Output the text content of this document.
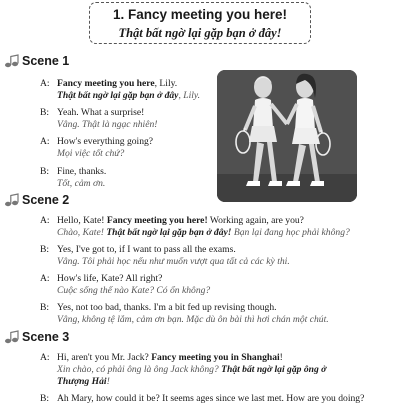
1. Fancy meeting you here!
Thật bất ngờ lại gặp bạn ở đây!
Scene 1
A: Fancy meeting you here, Lily.
Thật bất ngờ lại gặp bạn ở đây, Lily.
B: Yeah. What a surprise!
Vâng. Thật là ngạc nhiên!
A: How's everything going?
Mọi việc tốt chứ?
B: Fine, thanks.
Tốt, cảm ơn.
Scene 2
A: Hello, Kate! Fancy meeting you here! Working again, are you?
Chào, Kate! Thật bất ngờ lại gặp bạn ở đây! Bạn lại đang học phải không?
B: Yes, I've got to, if I want to pass all the exams.
Vâng. Tôi phải học nếu như muốn vượt qua tất cả các kỳ thi.
A: How's life, Kate? All right?
Cuộc sống thế nào Kate? Có ổn không?
B: Yes, not too bad, thanks. I'm a bit fed up revising though.
Vâng, không tệ lắm, cảm ơn bạn. Mặc dù ôn bài thì hơi chán một chút.
Scene 3
A: Hi, aren't you Mr. Jack? Fancy meeting you in Shanghai!
Xin chào, có phải ông là ông Jack không? Thật bất ngờ lại gặp ông ở
Thượng Hải!
B: Ah Mary, how could it be? It seems ages since we last met. How are you doing?
